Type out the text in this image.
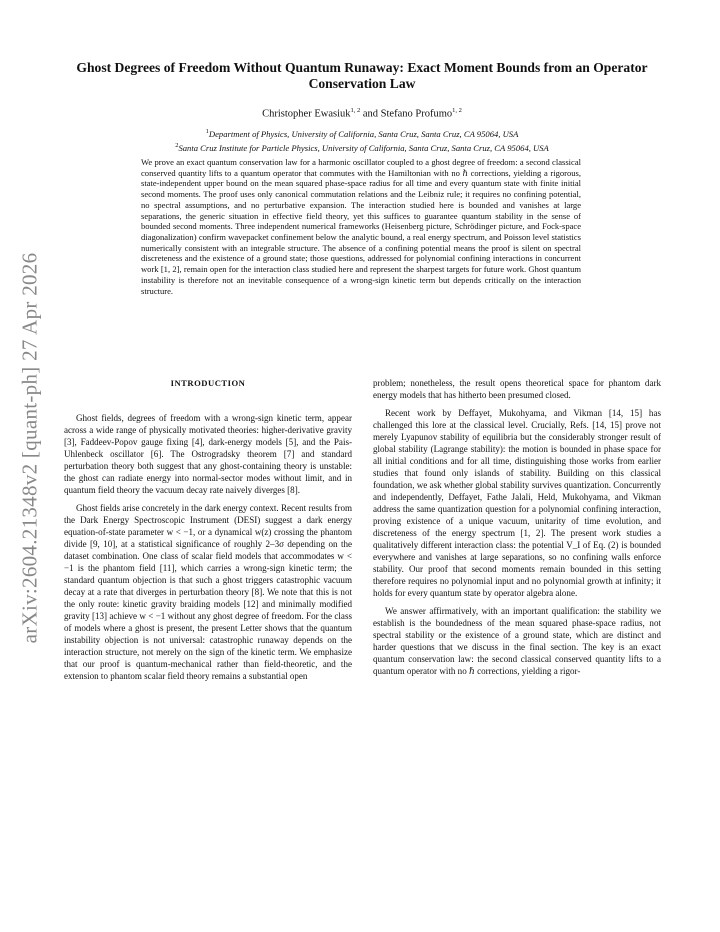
arXiv:2604.21348v2 [quant-ph] 27 Apr 2026
Ghost Degrees of Freedom Without Quantum Runaway: Exact Moment Bounds from an Operator Conservation Law
Christopher Ewasiuk$^{1, 2}$ and Stefano Profumo$^{1, 2}$
$^1$Department of Physics, University of California, Santa Cruz, Santa Cruz, CA 95064, USA
$^2$Santa Cruz Institute for Particle Physics, University of California, Santa Cruz, Santa Cruz, CA 95064, USA
We prove an exact quantum conservation law for a harmonic oscillator coupled to a ghost degree of freedom: a second classical conserved quantity lifts to a quantum operator that commutes with the Hamiltonian with no ℏ corrections, yielding a rigorous, state-independent upper bound on the mean squared phase-space radius for all time and every quantum state with finite initial second moments. The proof uses only canonical commutation relations and the Leibniz rule; it requires no confining potential, no spectral assumptions, and no perturbative expansion. The interaction studied here is bounded and vanishes at large separations, the generic situation in effective field theory, yet this suffices to guarantee quantum stability in the sense of bounded second moments. Three independent numerical frameworks (Heisenberg picture, Schrödinger picture, and Fock-space diagonalization) confirm wavepacket confinement below the analytic bound, a real energy spectrum, and Poisson level statistics numerically consistent with an integrable structure. The absence of a confining potential means the proof is silent on spectral discreteness and the existence of a ground state; those questions, addressed for polynomial confining interactions in concurrent work [1, 2], remain open for the interaction class studied here and represent the sharpest targets for future work. Ghost quantum instability is therefore not an inevitable consequence of a wrong-sign kinetic term but depends critically on the interaction structure.
INTRODUCTION

Ghost fields, degrees of freedom with a wrong-sign kinetic term, appear across a wide range of physically motivated theories: higher-derivative gravity [3], Faddeev-Popov gauge fixing [4], dark-energy models [5], and the Pais-Uhlenbeck oscillator [6]. The Ostrogradsky theorem [7] and standard perturbation theory both suggest that any ghost-containing theory is unstable: the ghost can radiate energy into normal-sector modes without limit, and in quantum field theory the vacuum decay rate naively diverges [8].

Ghost fields arise concretely in the dark energy context. Recent results from the Dark Energy Spectroscopic Instrument (DESI) suggest a dark energy equation-of-state parameter w < −1, or a dynamical w(z) crossing the phantom divide [9, 10], at a statistical significance of roughly 2–3σ depending on the dataset combination. One class of scalar field models that accommodates w < −1 is the phantom field [11], which carries a wrong-sign kinetic term; the standard quantum objection is that such a ghost triggers catastrophic vacuum decay at a rate that diverges in perturbation theory [8]. We note that this is not the only route: kinetic gravity braiding models [12] and minimally modified gravity [13] achieve w < −1 without any ghost degree of freedom. For the class of models where a ghost is present, the present Letter shows that the quantum instability objection is not universal: catastrophic runaway depends on the interaction structure, not merely on the sign of the kinetic term. We emphasize that our proof is quantum-mechanical rather than field-theoretic, and the extension to phantom scalar field theory remains a substantial open

problem; nonetheless, the result opens theoretical space for phantom dark energy models that has hitherto been presumed closed.

Recent work by Deffayet, Mukohyama, and Vikman [14, 15] has challenged this lore at the classical level. Crucially, Refs. [14, 15] prove not merely Lyapunov stability of equilibria but the considerably stronger result of global stability (Lagrange stability): the motion is bounded in phase space for all initial conditions and for all time, distinguishing those works from earlier studies that found only islands of stability. Building on this classical foundation, we ask whether global stability survives quantization. Concurrently and independently, Deffayet, Fathe Jalali, Held, Mukohyama, and Vikman address the same quantization question for a polynomial confining interaction, proving existence of a unique vacuum, unitarity of time evolution, and discreteness of the energy spectrum [1, 2]. The present work studies a qualitatively different interaction class: the potential V_I of Eq. (2) is bounded everywhere and vanishes at large separations, so no confining walls enforce stability. Our proof that second moments remain bounded in this setting therefore requires no polynomial input and no polynomial growth at infinity; it holds for every quantum state by operator algebra alone.

We answer affirmatively, with an important qualification: the stability we establish is the boundedness of the mean squared phase-space radius, not spectral stability or the existence of a ground state, which are distinct and harder questions that we discuss in the final section. The key is an exact quantum conservation law: the second classical conserved quantity lifts to a quantum operator with no ℏ corrections, yielding a rigor-
